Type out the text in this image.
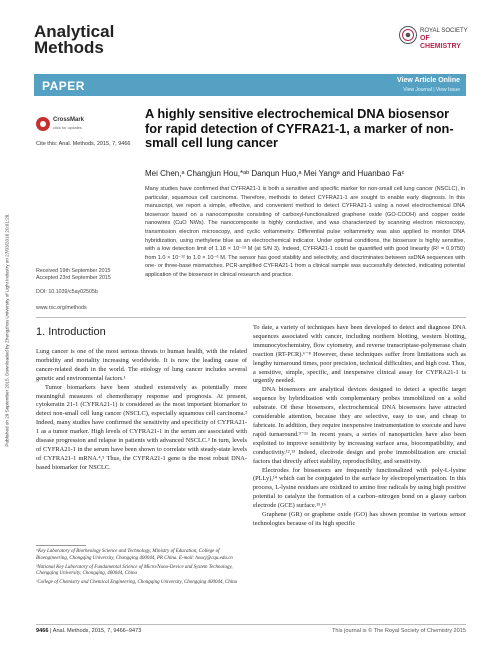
Published on 29 September 2015. Downloaded by Zhengzhou University of Light Industry on 27/03/2016 20:01:28.
Analytical
Methods
ROYAL SOCIETY
OF CHEMISTRY
PAPER	View Article Online
View Journal | View Issue
CrossMark
click for updates
Cite this: Anal. Methods, 2015, 7, 9466
A highly sensitive electrochemical DNA biosensor for rapid detection of CYFRA21-1, a marker of non-small cell lung cancer
Mei Chen,ᵃ Changjun Hou,*ᵃᵇ Danqun Huo,ᵃ Mei Yangᵃ and Huanbao Faᶜ
Many studies have confirmed that CYFRA21-1 is both a sensitive and specific marker for non-small cell lung cancer (NSCLC), in particular, squamous cell carcinoma. Therefore, methods to detect CYFRA21-1 are sought to enable early diagnosis. In this manuscript, we report a simple, effective, and convenient method to detect CYFRA21-1 using a novel electrochemical DNA biosensor based on a nanocomposite consisting of carboxyl-functionalized graphene oxide (GO-COOH) and copper oxide nanowires (CuO NWs). The nanocomposite is highly conductive, and was characterized by scanning electron microscopy, transmission electron microscopy, and cyclic voltammetry. Differential pulse voltammetry was also applied to monitor DNA hybridization, using methylene blue as an electrochemical indicator. Under optimal conditions, the biosensor is highly sensitive, with a low detection limit of 1.18 × 10⁻¹³ M (at S/N 3). Indeed, CYFRA21-1 could be quantified with good linearity (R² = 0.9750) from 1.0 × 10⁻¹² to 1.0 × 10⁻⁶ M. The sensor has good stability and selectivity, and discriminates between ssDNA sequences with one- or three-base mismatches. PCR-amplified CYFRA21-1 from a clinical sample was successfully detected, indicating potential application of the biosensor in clinical research and practice.
Received 19th September 2015
Accepted 23rd September 2015
DOI: 10.1039/c5ay02505b
www.rsc.org/methods
1. Introduction

Lung cancer is one of the most serious threats to human health, with the related morbidity and mortality increasing worldwide. It is now the leading cause of cancer-related death in the world. The etiology of lung cancer includes several genetic and environmental factors.¹

Tumor biomarkers have been studied extensively as potentially more meaningful measures of chemotherapy response and prognosis. At present, cytokeratin 21-1 (CYFRA21-1) is considered as the most important biomarker to detect non-small cell lung cancer (NSCLC), especially squamous cell carcinoma.² Indeed, many studies have confirmed the sensitivity and specificity of CYFRA21-1 as a tumor marker. High levels of CYFRA21-1 in the serum are associated with disease progression and relapse in patients with advanced NSCLC.³ In turn, levels of CYFRA21-1 in the serum have been shown to correlate with steady-state levels of CYFRA21-1 mRNA.⁴,⁵ Thus, the CYFRA21-1 gene is the most robust DNA-based biomarker for NSCLC.

To date, a variety of techniques have been developed to detect and diagnose DNA sequences associated with cancer, including northern blotting, western blotting, immunocytochemistry, flow cytometry, and reverse transcriptase-polymerase chain reaction (RT-PCR).⁶⁻⁸ However, these techniques suffer from limitations such as lengthy turnaround times, poor precision, technical difficulties, and high cost. Thus, a sensitive, simple, specific, and inexpensive clinical assay for CYFRA21-1 is urgently needed.

DNA biosensors are analytical devices designed to detect a specific target sequence by hybridization with complementary probes immobilized on a solid substrate. Of these biosensors, electrochemical DNA biosensors have attracted considerable attention, because they are selective, easy to use, and cheap to fabricate. In addition, they require inexpensive instrumentation to execute and have rapid turnaround.⁹⁻¹¹ In recent years, a series of nanoparticles have also been exploited to improve sensitivity by increasing surface area, biocompatibility, and conductivity.¹²,¹³ Indeed, electrode design and probe immobilization are crucial factors that directly affect stability, reproducibility, and sensitivity.

Electrodes for biosensors are frequently functionalized with poly-L-lysine (PLLy),¹⁴ which can be conjugated to the surface by electropolymerization. In this process, L-lysine residues are oxidized to amino free radicals by using high positive potential to catalyze the formation of a carbon–nitrogen bond on a glassy carbon electrode (GCE) surface.¹⁵,¹⁶

Graphene (GR) or graphene oxide (GO) has shown promise in various sensor technologies because of its high specific

ᵃKey Laboratory of Biorheology Science and Technology, Ministry of Education, College of Bioengineering, Chongqing University, Chongqing 400044, PR China. E-mail: houcj@cqu.edu.cn

ᵇNational Key Laboratory of Fundamental Science of Micro/Nano-Device and System Technology, Chongqing University, Chongqing, 400044, China

ᶜCollege of Chemistry and Chemical Engineering, Chongqing University, Chongqing 400044, China

9466 | Anal. Methods, 2015, 7, 9466–9473	This journal is © The Royal Society of Chemistry 2015
